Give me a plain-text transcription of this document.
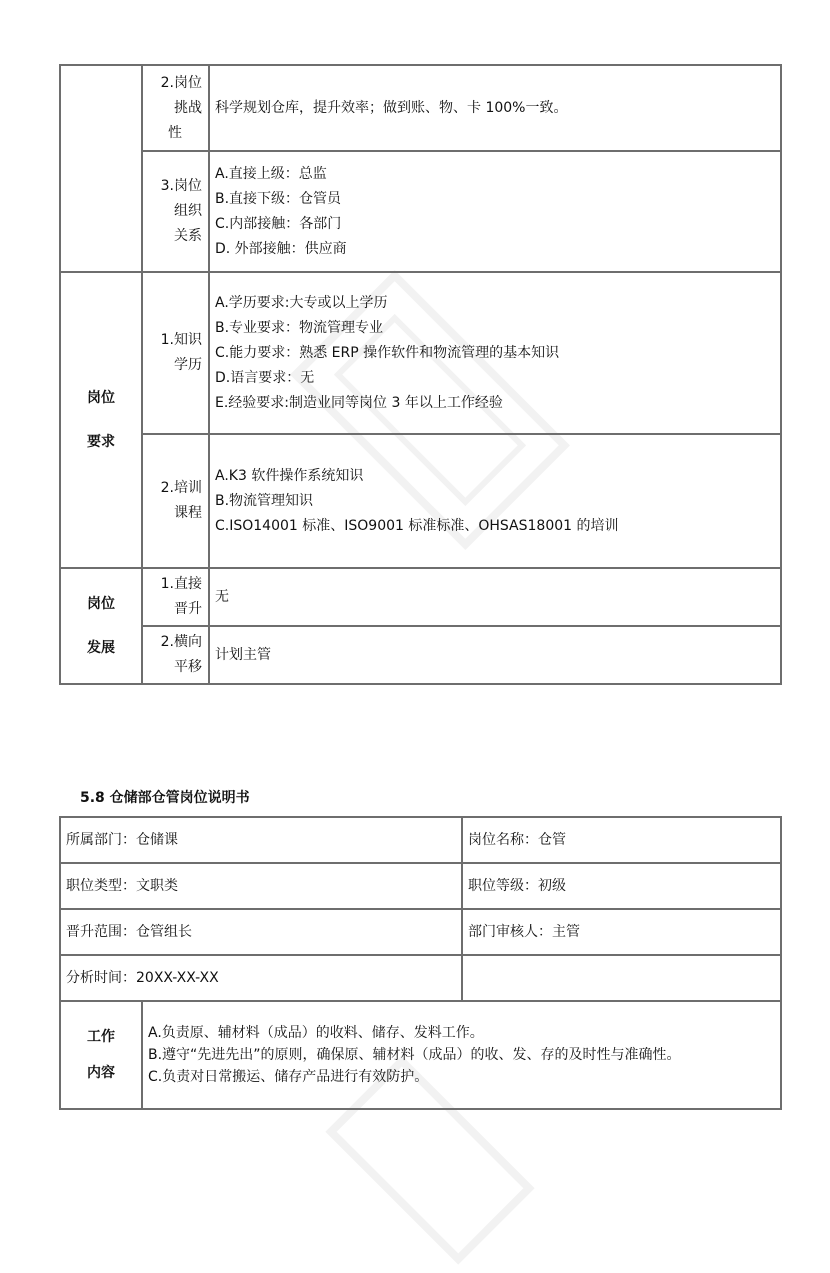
	2.岗位
挑战
性	科学规划仓库，提升效率；做到账、物、卡 100%一致。

	3.岗位
组织
关系	A.直接上级：总监
B.直接下级：仓管员
C.内部接触：各部门
D. 外部接触：供应商

岗位
要求	1.知识
学历	A.学历要求:大专或以上学历
B.专业要求：物流管理专业
C.能力要求：熟悉 ERP 操作软件和物流管理的基本知识
D.语言要求：无
E.经验要求:制造业同等岗位 3 年以上工作经验

	2.培训
课程	A.K3 软件操作系统知识
B.物流管理知识
C.ISO14001 标准、ISO9001 标准标准、OHSAS18001 的培训

岗位
发展	1.直接
晋升	无

	2.横向
平移	计划主管
5.8 仓储部仓管岗位说明书
所属部门：仓储课		岗位名称：仓管
职位类型：文职类		职位等级：初级
晋升范围：仓管组长		部门审核人：主管
分析时间：20XX-XX-XX		

工作
内容	A.负责原、辅材料（成品）的收料、储存、发料工作。
B.遵守“先进先出”的原则，确保原、辅材料（成品）的收、发、存的及时性与准确性。
C.负责对日常搬运、储存产品进行有效防护。	
